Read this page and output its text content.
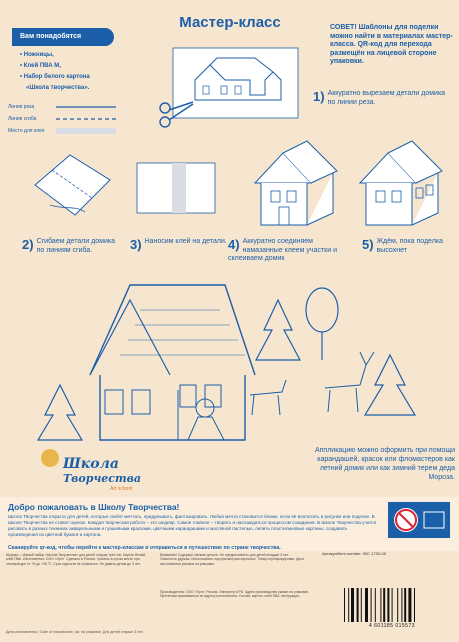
Мастер-класс
Вам понадобятся
• Ножницы,
• Клей ПВА М,
• Набор белого картона
«Школа творчества».
Линия реза
Линия сгиба
Место для клея
СОВЕТ! Шаблоны для поделки можно найти в материалах мастер-класса. QR-код для перехода размещён на лицевой стороне упаковки.
1) Аккуратно вырезаем детали домика по линии реза.
2) Сгибаем детали домика по линиям сгиба.	3) Наносим клей на детали. 4) Аккуратно соединяем намазанные клеем участки и склеиваем домик
5) Ждём, пока поделка высохнет
Школа
Творчества
Art school
Аппликацию можно оформить при помощи карандашей, красок или фломастеров как летний домик или как зимний терем деда Мороза.
Добро пожаловать в Школу Творчества!
Школа Творчества открыта для детей, которые любят мечтать, придумывать, фантазировать. Любая мечта становится ближе, если её воплотить в рисунке или поделке. В Школе Творчества не ставят оценок. Каждая творческая работа – это шедевр. Самое главное – творить и наслаждаться процессом созидания. В Школе Творчества учатся рисовать в разных техниках акварельными и гуашевыми красками, цветными карандашами и масляной пастелью, лепить пластилиновые картины, создавать произведения из цветной бумаги и картона.
Сканируйте qr-код, чтобы перейти к мастер-классам и отправиться в путешествие по стране творчества.
Журнал – чёрный набор «Школа Творчества» для детей старше трёх лет. Картон белый, клей ПВА. Изготовитель: ООО «Луч». Сделано в России. Хранить в сухом месте при температуре от +5 до +35 °С. Срок годности не ограничен. Не давать детям до 3 лет.
Внимание! Содержит мелкие детали. Не предназначено для детей младше 3 лет. Опасность удушья. Использовать под присмотром взрослых. Товар сертифицирован. Дата изготовления указана на упаковке.
Производитель: ООО «Луч», Россия. Импортер в РБ. Адрес производства указан на упаковке. Претензии принимаются по адресу изготовителя. Состав: картон, клей ПВА, инструкция.
Артикул/Item number: 30С 1790-08
4 601185 015573
Дата изготовления / Date of manufacture: см. на упаковке. Для детей старше 3 лет.
